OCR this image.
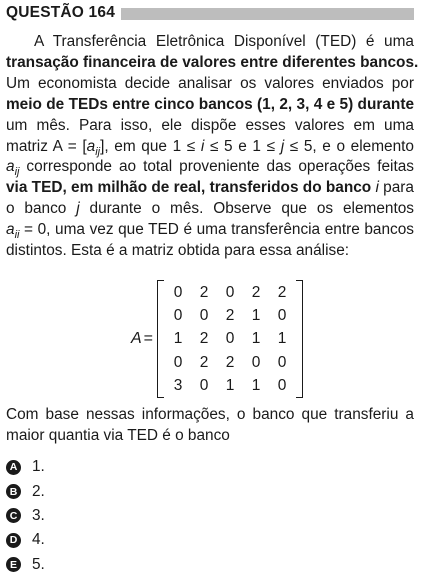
QUESTÃO 164
A Transferência Eletrônica Disponível (TED) é uma
transação financeira de valores entre diferentes bancos.
Um economista decide analisar os valores enviados por
meio de TEDs entre cinco bancos (1, 2, 3, 4 e 5) durante
um mês. Para isso, ele dispõe esses valores em uma
matriz $A = [a_{ij}]$, em que 1 ≤ i ≤ 5 e 1 ≤ j ≤ 5, e o elemento
$a_{ij}$ corresponde ao total proveniente das operações feitas
via TED, em milhão de real, transferidos do banco i para
o banco j durante o mês. Observe que os elementos
$a_{ii} = 0$, uma vez que TED é uma transferência entre bancos
distintos. Esta é a matriz obtida para essa análise:
A =
0	2	0	2	2
0	0	2	1	0
1	2	0	1	1
0	2	2	0	0
3	0	1	1	0
Com base nessas informações, o banco que transferiu a
maior quantia via TED é o banco
A 1.
B 2.
C 3.
D 4.
E 5.
